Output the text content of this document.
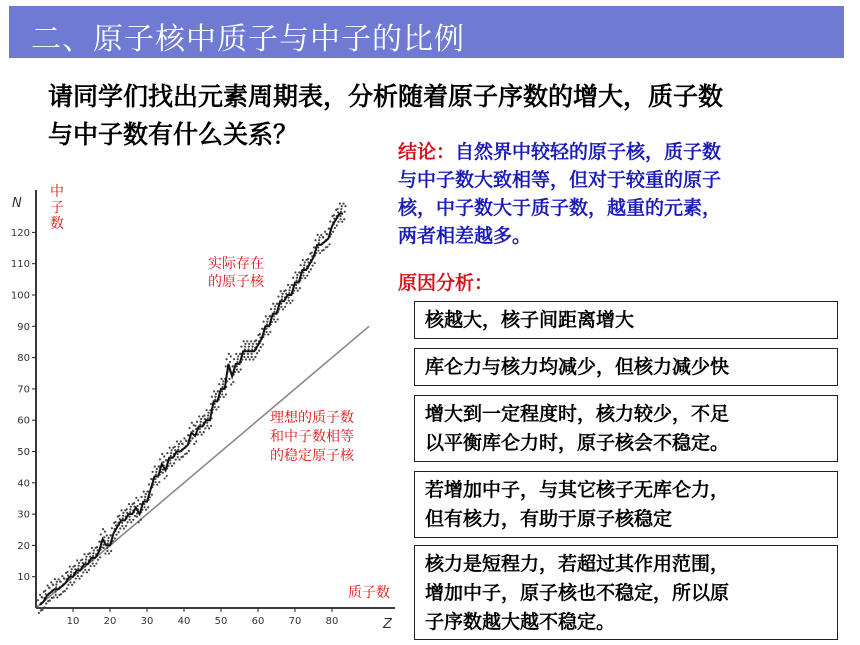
二、原子核中质子与中子的比例
请同学们找出元素周期表，分析随着原子序数的增大，质子数
与中子数有什么关系？
结论：自然界中较轻的原子核，质子数
与中子数大致相等，但对于较重的原子
核，中子数大于质子数，越重的元素，
两者相差越多。
原因分析：
核越大，核子间距离增大
库仑力与核力均减少，但核力减少快
增大到一定程度时，核力较少，不足
以平衡库仑力时，原子核会不稳定。
若增加中子，与其它核子无库仑力，
但有核力，有助于原子核稳定
核力是短程力，若超过其作用范围，
增加中子，原子核也不稳定，所以原
子序数越大越不稳定。
N
Z
中
子
数
质子数
10 20 30 40 50 60 70 80
10
20
30
40
50
60
70
80
90
100
110
120
实际存在
的原子核
理想的质子数
和中子数相等
的稳定原子核
